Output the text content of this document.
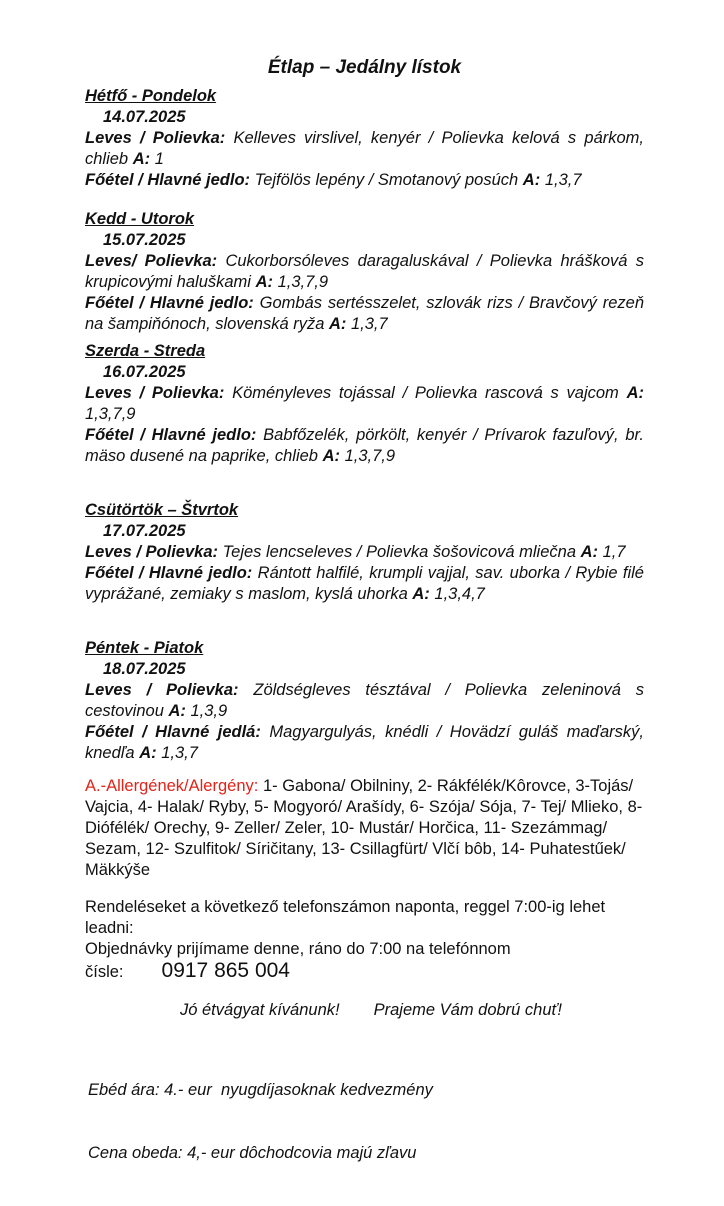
Étlap – Jedálny lístok
Hétfő - Pondelok
14.07.2025

Leves / Polievka: Kelleves virslivel, kenyér / Polievka kelová s párkom, chlieb A: 1

Főétel / Hlavné jedlo: Tejfölös lepény / Smotanový posúch A: 1,3,7

Kedd - Utorok
15.07.2025

Leves/ Polievka: Cukorborsóleves daragaluskával / Polievka hrášková s krupicovými haluškami A: 1,3,7,9

Főétel / Hlavné jedlo: Gombás sertésszelet, szlovák rizs / Bravčový rezeň na šampiňónoch, slovenská ryža A: 1,3,7

Szerda - Streda
16.07.2025

Leves / Polievka: Köményleves tojással / Polievka rascová s vajcom A: 1,3,7,9

Főétel / Hlavné jedlo: Babfőzelék, pörkölt, kenyér / Prívarok fazuľový, br. mäso dusené na paprike, chlieb A: 1,3,7,9

Csütörtök – Štvrtok
17.07.2025

Leves / Polievka: Tejes lencseleves / Polievka šošovicová mliečna A: 1,7

Főétel / Hlavné jedlo: Rántott halfilé, krumpli vajjal, sav. uborka / Rybie filé vyprážané, zemiaky s maslom, kyslá uhorka A: 1,3,4,7

Péntek - Piatok
18.07.2025

Leves / Polievka: Zöldségleves tésztával / Polievka zeleninová s cestovinou A: 1,3,9

Főétel / Hlavné jedlá: Magyargulyás, knédli / Hovädzí guláš maďarský, knedľa A: 1,3,7

A.-Allergének/Alergény: 1- Gabona/ Obilniny, 2- Rákfélék/Kôrovce, 3-Tojás/ Vajcia, 4- Halak/ Ryby, 5- Mogyoró/ Arašídy, 6- Szója/ Sója, 7- Tej/ Mlieko, 8- Diófélék/ Orechy, 9- Zeller/ Zeler, 10- Mustár/ Horčica, 11- Szezámmag/ Sezam, 12- Szulfitok/ Síričitany, 13- Csillagfürt/ Vlčí bôb, 14- Puhatestűek/ Mäkkýše

Rendeléseket a következő telefonszámon naponta, reggel 7:00-ig lehet leadni:

Objednávky prijímame denne, ráno do 7:00 na telefónnom čísle: 0917 865 004

Jó étvágyat kívánunk! Prajeme Vám dobrú chuť!

Ebéd ára: 4.- eur  nyugdíjasoknak kedvezmény

Cena obeda: 4,- eur dôchodcovia majú zľavu
